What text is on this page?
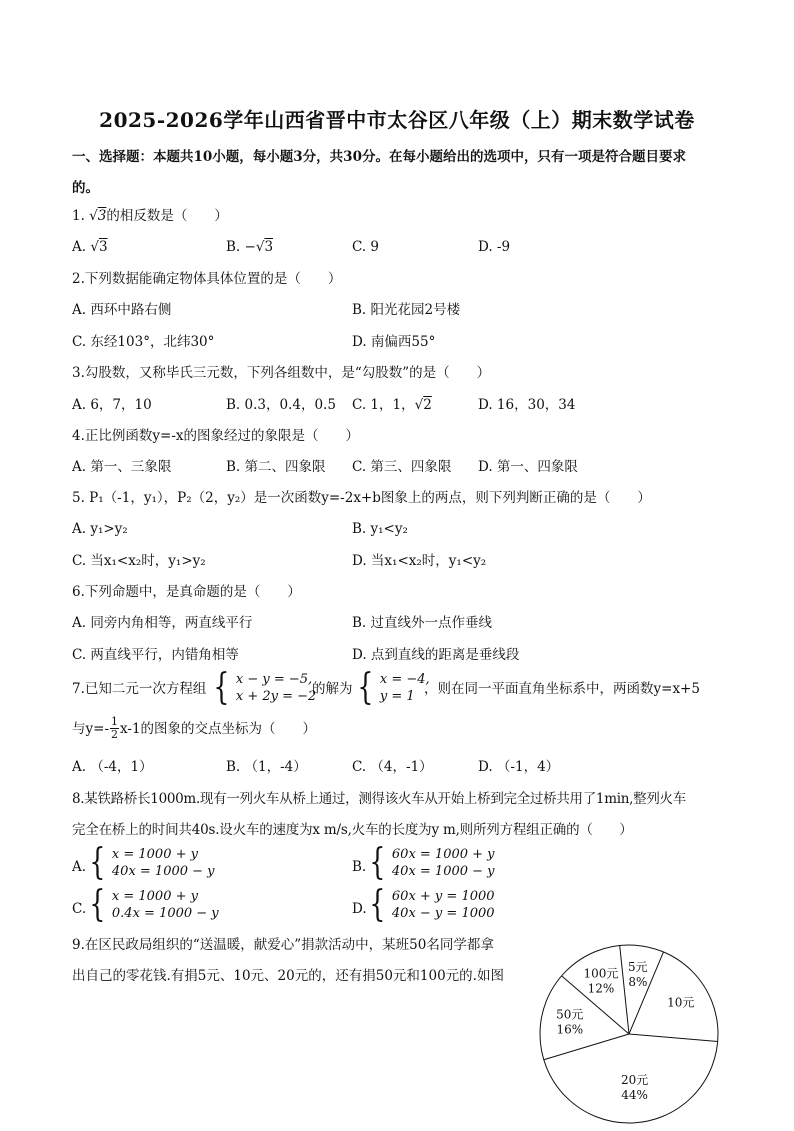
2025-2026学年山西省晋中市太谷区八年级（上）期末数学试卷
一、选择题：本题共10小题，每小题3分，共30分。在每小题给出的选项中，只有一项是符合题目要求
的。
1. √3的相反数是（　　）
A. √3	B. −√3	C. 9	D. -9
2.下列数据能确定物体具体位置的是（　　）
A. 西环中路右侧	B. 阳光花园2号楼
C. 东经103°，北纬30°	D. 南偏西55°
3.勾股数，又称毕氏三元数，下列各组数中，是“勾股数”的是（　　）
A. 6，7，10	B. 0.3，0.4，0.5 C. 1，1，√2	D. 16，30，34
4.正比例函数y=-x的图象经过的象限是（　　）
A. 第一、三象限	B. 第二、四象限 C. 第三、四象限 D. 第一、四象限
5. P₁（-1，y₁），P₂（2，y₂）是一次函数y=-2x+b图象上的两点，则下列判断正确的是（　　）
A. y₁>y₂	B. y₁<y₂
C. 当x₁<x₂时，y₁>y₂	D. 当x₁<x₂时，y₁<y₂
6.下列命题中，是真命题的是（　　）
A. 同旁内角相等，两直线平行	B. 过直线外一点作垂线
C. 两直线平行，内错角相等	D. 点到直线的距离是垂线段
7.已知二元一次方程组 { x − y = −5,
x + 2y = −2
的解为 { x = −4,
y = 1 ，则在同一平面直角坐标系中，两函数y=x+5
与$y=- \frac{1}{2} x-1$的图象的交点坐标为（　　）
A. （-4，1）	B. （1，-4）	C. （4，-1）	D. （-1，4）
8.某铁路桥长1000m.现有一列火车从桥上通过，测得该火车从开始上桥到完全过桥共用了1min,整列火车
完全在桥上的时间共40s.设火车的速度为x m/s,火车的长度为y m,则所列方程组正确的（　　）
A. { x = 1000 + y
40x = 1000 − y	B. { 60x = 1000 + y
40x = 1000 − y
C. { x = 1000 + y
0.4x = 1000 − y	D. { 60x + y = 1000
40x − y = 1000
9.在区民政局组织的“送温暖，献爱心”捐款活动中，某班50名同学都拿
出自己的零花钱.有捐5元、10元、20元的，还有捐50元和100元的.如图
5元
8%
10元
20元
44%
50元
16%
100元
12%
